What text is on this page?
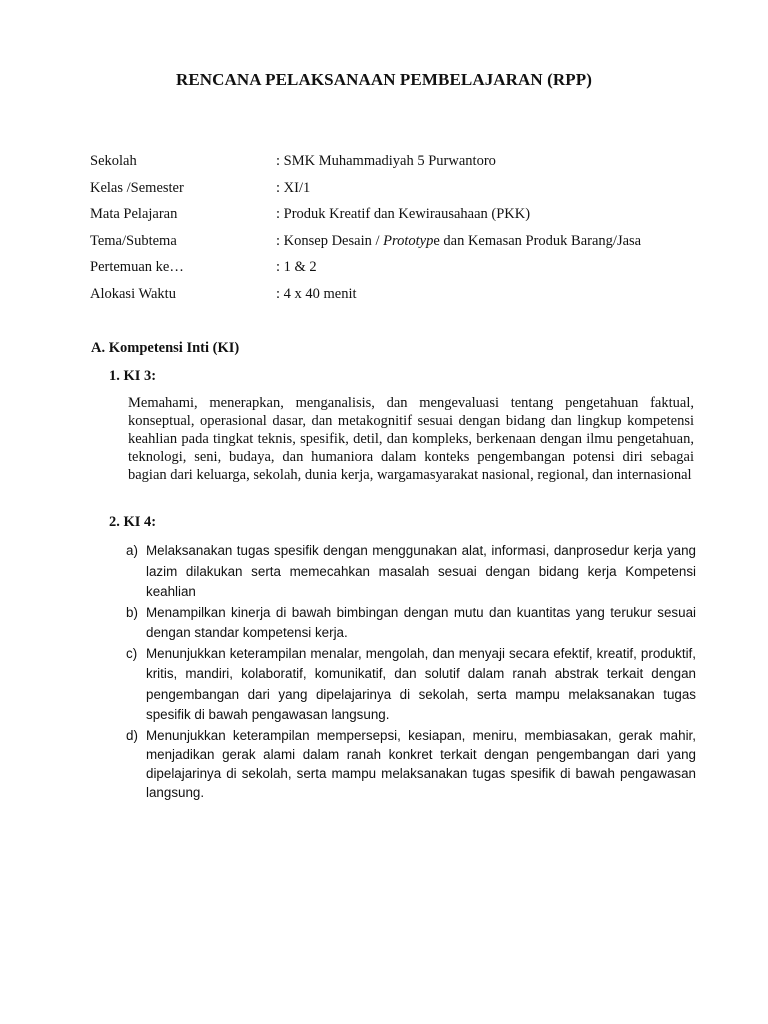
RENCANA PELAKSANAAN PEMBELAJARAN (RPP)
Sekolah	: SMK Muhammadiyah 5 Purwantoro
Kelas /Semester	: XI/1
Mata Pelajaran	: Produk Kreatif dan Kewirausahaan (PKK)
Tema/Subtema	: Konsep Desain / Prototype dan Kemasan Produk Barang/Jasa
Pertemuan ke…	: 1 & 2
Alokasi Waktu	: 4 x 40 menit
A. Kompetensi Inti (KI)
1. KI 3:
Memahami, menerapkan, menganalisis, dan mengevaluasi tentang pengetahuan faktual, konseptual, operasional dasar, dan metakognitif sesuai dengan bidang dan lingkup kompetensi keahlian pada tingkat teknis, spesifik, detil, dan kompleks, berkenaan dengan ilmu pengetahuan, teknologi, seni, budaya, dan humaniora dalam konteks pengembangan potensi diri sebagai bagian dari keluarga, sekolah, dunia kerja, wargamasyarakat nasional, regional, dan internasional
2. KI 4:
a) Melaksanakan tugas spesifik dengan menggunakan alat, informasi, danprosedur kerja yang lazim dilakukan serta memecahkan masalah sesuai dengan bidang kerja Kompetensi keahlian
b) Menampilkan kinerja di bawah bimbingan dengan mutu dan kuantitas yang terukur sesuai dengan standar kompetensi kerja.
c) Menunjukkan keterampilan menalar, mengolah, dan menyaji secara efektif, kreatif, produktif, kritis, mandiri, kolaboratif, komunikatif, dan solutif dalam ranah abstrak terkait dengan pengembangan dari yang dipelajarinya di sekolah, serta mampu melaksanakan tugas spesifik di bawah pengawasan langsung.
d) Menunjukkan keterampilan mempersepsi, kesiapan, meniru, membiasakan, gerak mahir, menjadikan gerak alami dalam ranah konkret terkait dengan pengembangan dari yang dipelajarinya di sekolah, serta mampu melaksanakan tugas spesifik di bawah pengawasan langsung.
